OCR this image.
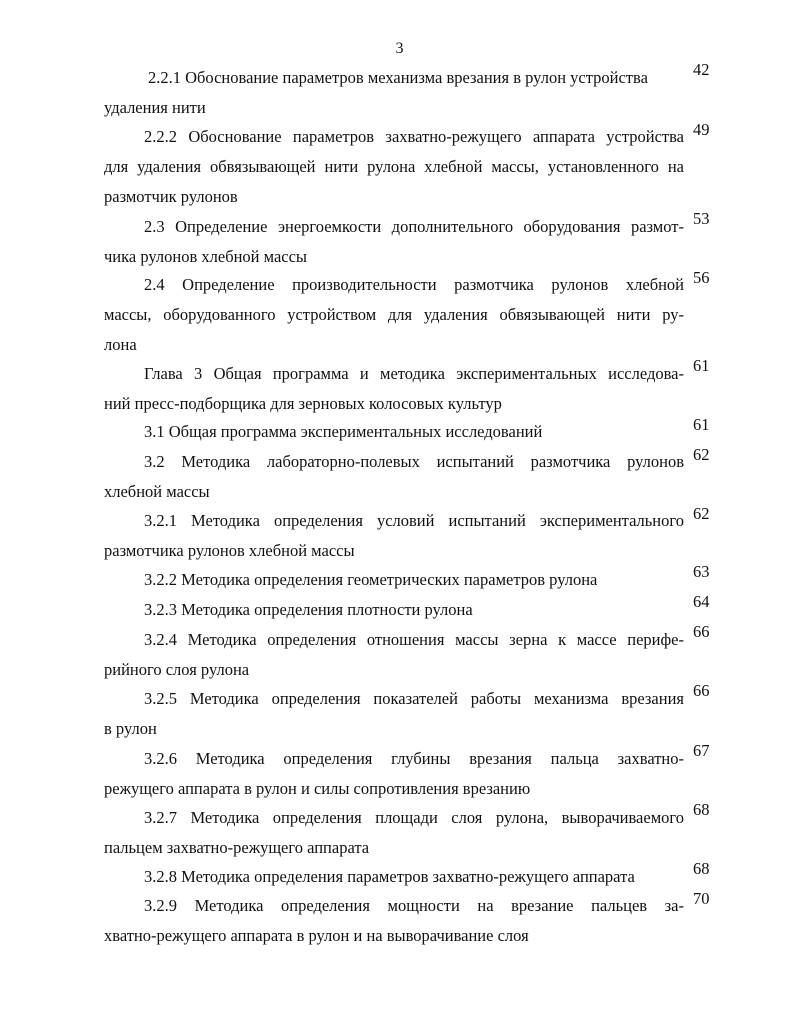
3
2.2.1 Обоснование параметров механизма врезания в рулон устройства
удаления нити
42
2.2.2 Обоснование параметров захватно-режущего аппарата устройства
для удаления обвязывающей нити рулона хлебной массы, установленного на
размотчик рулонов
49
2.3 Определение энергоемкости дополнительного оборудования размот-
чика рулонов хлебной массы
53
2.4 Определение производительности размотчика рулонов хлебной
массы, оборудованного устройством для удаления обвязывающей нити ру-
лона
56
Глава 3 Общая программа и методика экспериментальных исследова-
ний пресс-подборщика для зерновых колосовых культур
61
3.1 Общая программа экспериментальных исследований	61
3.2 Методика лабораторно-полевых испытаний размотчика рулонов
хлебной массы
62
3.2.1 Методика определения условий испытаний экспериментального
размотчика рулонов хлебной массы
62
3.2.2 Методика определения геометрических параметров рулона	63
3.2.3 Методика определения плотности рулона	64
3.2.4 Методика определения отношения массы зерна к массе перифе-
рийного слоя рулона
66
3.2.5 Методика определения показателей работы механизма врезания
в рулон
66
3.2.6 Методика определения глубины врезания пальца захватно-
режущего аппарата в рулон и силы сопротивления врезанию
67
3.2.7 Методика определения площади слоя рулона, выворачиваемого
пальцем захватно-режущего аппарата
68
3.2.8 Методика определения параметров захватно-режущего аппарата	68
3.2.9 Методика определения мощности на врезание пальцев за-
хватно-режущего аппарата в рулон и на выворачивание слоя
70
